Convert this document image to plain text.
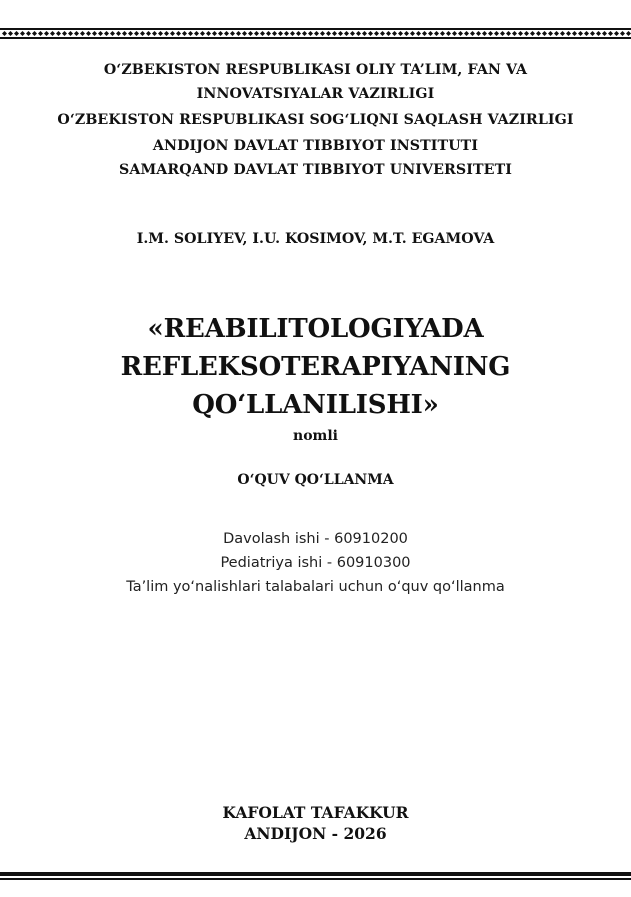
O‘ZBEKISTON RESPUBLIKASI OLIY TA’LIM, FAN VA
INNOVATSIYALAR VAZIRLIGI
O‘ZBEKISTON RESPUBLIKASI SOG‘LIQNI SAQLASH VAZIRLIGI
ANDIJON DAVLAT TIBBIYOT INSTITUTI
SAMARQAND DAVLAT TIBBIYOT UNIVERSITETI
I.M. SOLIYEV, I.U. KOSIMOV, M.T. EGAMOVA
«REABILITOLOGIYADA
REFLEKSOTERAPIYANING
QO‘LLANILISHI»
nomli
O‘QUV QO‘LLANMA
Davolash ishi - 60910200
Pediatriya ishi - 60910300
Ta’lim yo‘nalishlari talabalari uchun o‘quv qo‘llanma
KAFOLAT TAFAKKUR
ANDIJON - 2026
